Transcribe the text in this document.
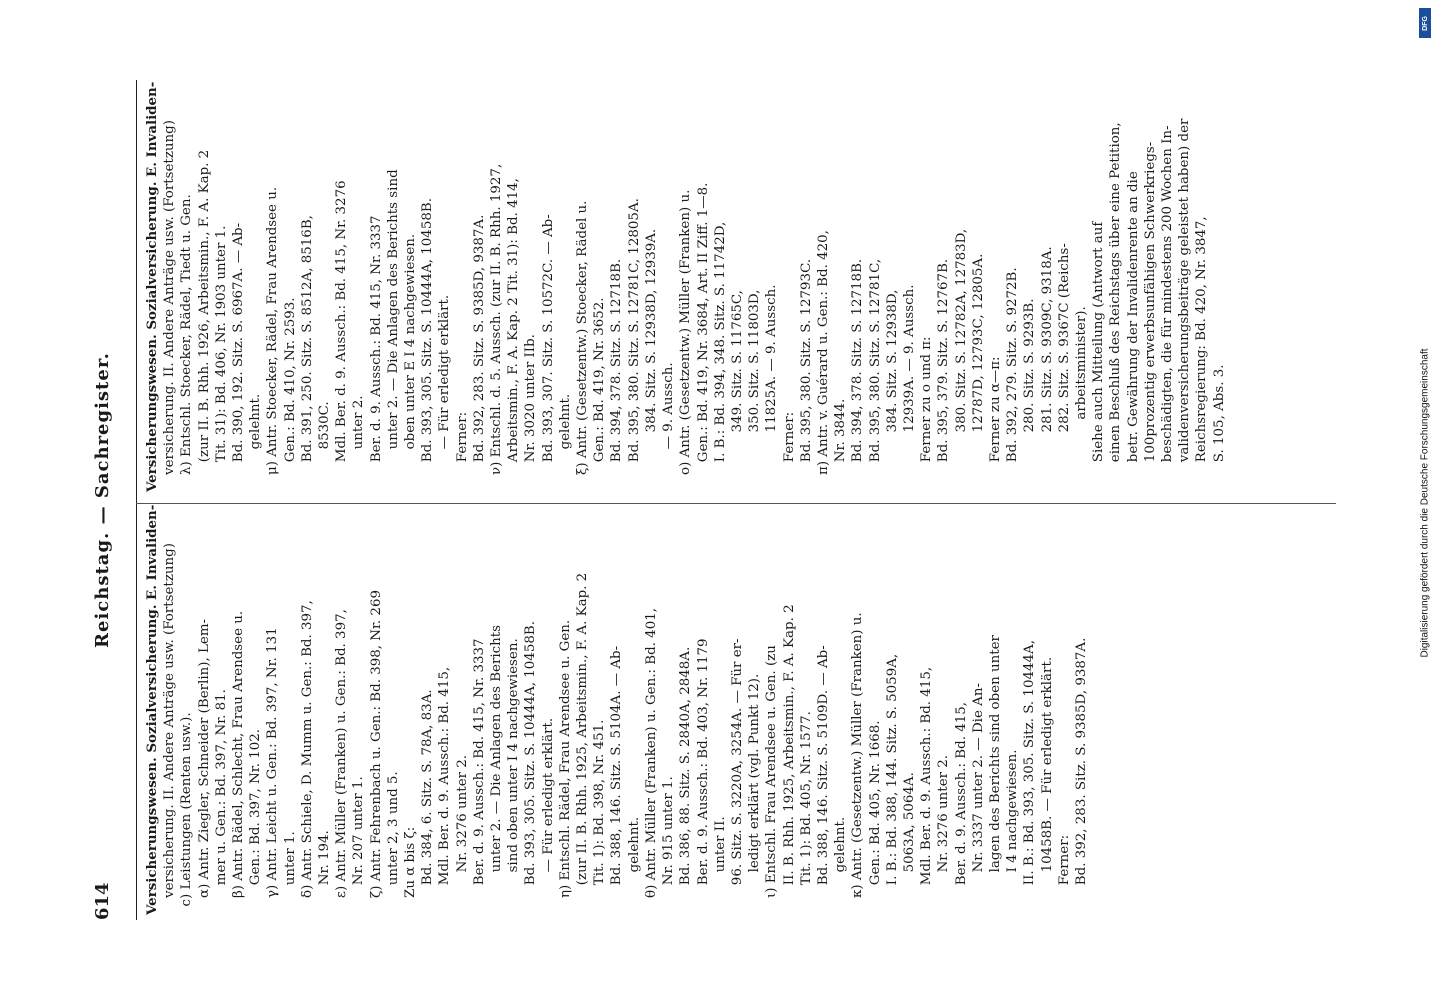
614
Reichstag. — Sachregister.
Versicherungswesen. Sozialversicherung. E. Invaliden- versicherung. II. Andere Anträge usw. (Fortsetzung) c) Leistungen (Renten usw.). α) Antr. Ziegler, Schneider (Berlin), Lem- mer u. Gen.: Bd. 397, Nr. 81. β) Antr. Rädel, Schlecht, Frau Arendsee u. Gen.: Bd. 397, Nr. 102. γ) Antr. Leicht u. Gen.: Bd. 397, Nr. 131 unter 1. δ) Antr. Schiele, D. Mumm u. Gen.: Bd. 397, Nr. 194. ε) Antr. Müller (Franken) u. Gen.: Bd. 397, Nr. 207 unter 1. ζ) Antr. Fehrenbach u. Gen.: Bd. 398, Nr. 269 unter 2, 3 und 5. Zu α bis ζ: Bd. 384, 6. Sitz. S. 78A, 83A. Mdl. Ber. d. 9. Aussch.: Bd. 415, Nr. 3276 unter 2. Ber. d. 9. Aussch.: Bd. 415, Nr. 3337 unter 2. — Die Anlagen des Berichts sind oben unter I 4 nachgewiesen. Bd. 393, 305. Sitz. S. 10444A, 10458B. — Für erledigt erklärt. η) Entschl. Rädel, Frau Arendsee u. Gen. (zur II. B. Rhh. 1925, Arbeitsmin., F. A. Kap. 2 Tit. 1): Bd. 398, Nr. 451. Bd. 388, 146. Sitz. S. 5104A. — Ab- gelehnt. θ) Antr. Müller (Franken) u. Gen.: Bd. 401, Nr. 915 unter 1. Bd. 386, 88. Sitz. S. 2840A, 2848A. Ber. d. 9. Aussch.: Bd. 403, Nr. 1179 unter II. 96. Sitz. S. 3220A, 3254A. — Für er- ledigt erklärt (vgl. Punkt 12). ι) Entschl. Frau Arendsee u. Gen. (zu II. B. Rhh. 1925, Arbeitsmin., F. A. Kap. 2 Tit. 1): Bd. 405, Nr. 1577. Bd. 388, 146. Sitz. S. 5109D. — Ab- gelehnt. κ) Antr. (Gesetzentw.) Müller (Franken) u. Gen.: Bd. 405, Nr. 1668. I. B.: Bd. 388, 144. Sitz. S. 5059A, 5063A, 5064A. Mdl. Ber. d. 9. Aussch.: Bd. 415, Nr. 3276 unter 2. Ber. d. 9. Aussch.: Bd. 415, Nr. 3337 unter 2. — Die An- lagen des Berichts sind oben unter I 4 nachgewiesen. II. B.: Bd. 393, 305. Sitz. S. 10444A, 10458B. — Für erledigt erklärt. Ferner: Bd. 392, 283. Sitz. S. 9385D, 9387A.
Versicherungswesen. Sozialversicherung. E. Invaliden- versicherung. II. Andere Anträge usw. (Fortsetzung) λ) Entschl. Stoecker, Rädel, Tiedt u. Gen. (zur II. B. Rhh. 1926, Arbeitsmin., F. A. Kap. 2 Tit. 31): Bd. 406, Nr. 1903 unter 1. Bd. 390, 192. Sitz. S. 6967A. — Ab- gelehnt. μ) Antr. Stoecker, Rädel, Frau Arendsee u. Gen.: Bd. 410, Nr. 2593. Bd. 391, 250. Sitz. S. 8512A, 8516B, 8530C. Mdl. Ber. d. 9. Aussch.: Bd. 415, Nr. 3276 unter 2. Ber. d. 9. Aussch.: Bd. 415, Nr. 3337 unter 2. — Die Anlagen des Berichts sind oben unter E I 4 nachgewiesen. Bd. 393, 305. Sitz. S. 10444A, 10458B. — Für erledigt erklärt. Ferner: Bd. 392, 283. Sitz. S. 9385D, 9387A. ν) Entschl. d. 5. Aussch. (zur II. B. Rhh. 1927, Arbeitsmin., F. A. Kap. 2 Tit. 31): Bd. 414, Nr. 3020 unter IIb. Bd. 393, 307. Sitz. S. 10572C. — Ab- gelehnt. ξ) Antr. (Gesetzentw.) Stoecker, Rädel u. Gen.: Bd. 419, Nr. 3652. Bd. 394, 378. Sitz. S. 12718B. Bd. 395, 380. Sitz. S. 12781C, 12805A. 384. Sitz. S. 12938D, 12939A. — 9. Aussch. ο) Antr. (Gesetzentw.) Müller (Franken) u. Gen.: Bd. 419, Nr. 3684, Art. II Ziff. 1—8. I. B.: Bd. 394, 348. Sitz. S. 11742D, 349. Sitz. S. 11765C, 350. Sitz. S. 11803D, 11825A. — 9. Aussch. Ferner: Bd. 395, 380. Sitz. S. 12793C. π) Antr. v. Guérard u. Gen.: Bd. 420, Nr. 3844. Bd. 394, 378. Sitz. S. 12718B. Bd. 395, 380. Sitz. S. 12781C, 384. Sitz. S. 12938D, 12939A. — 9. Aussch. Ferner zu ο und π: Bd. 395, 379. Sitz. S. 12767B. 380. Sitz. S. 12782A, 12783D, 12787D, 12793C, 12805A. Ferner zu α—π: Bd. 392, 279. Sitz. S. 9272B. 280. Sitz. S. 9293B. 281. Sitz. S. 9309C, 9318A. 282. Sitz. S. 9367C (Reichs- arbeitsminister). Siehe auch Mitteilung (Antwort auf einen Beschluß des Reichstags über eine Petition, betr. Gewährung der Invalidenrente an die 100prozentig erwerbsunfähigen Schwerkriegs- beschädigten, die für mindestens 200 Wochen In- validenversicherungsbeiträge geleistet haben) der Reichsregierung: Bd. 420, Nr. 3847, S. 105, Abs. 3.
DFG
Digitalisierung gefördert durch die Deutsche Forschungsgemeinschaft
